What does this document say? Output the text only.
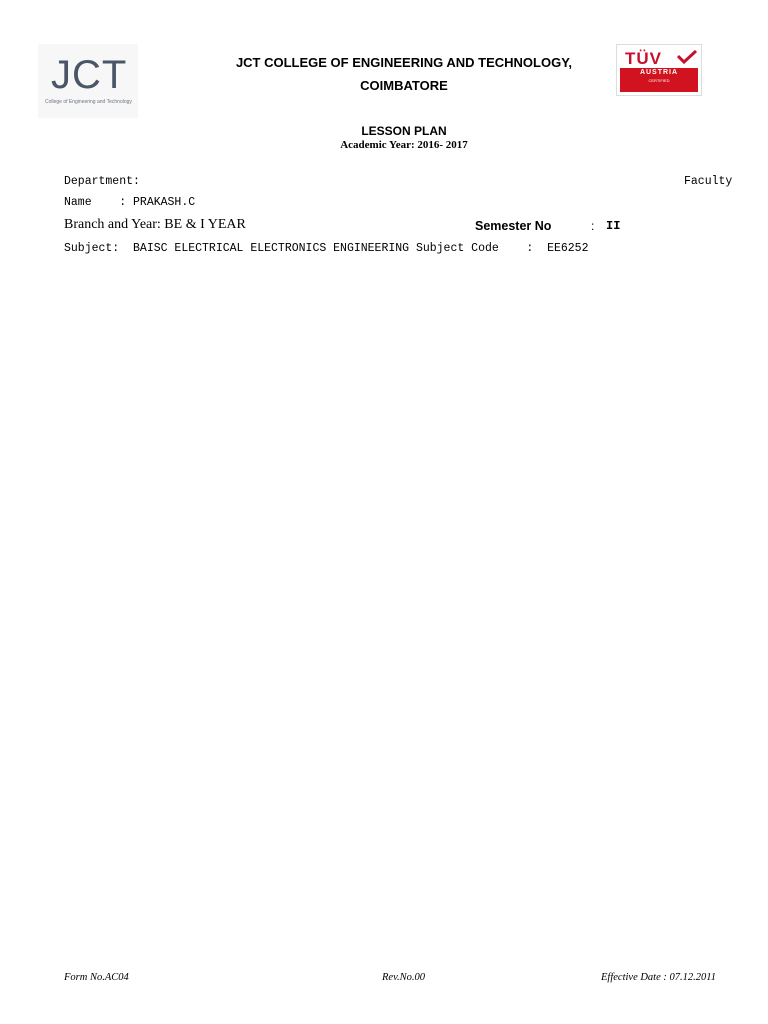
JCT
College of Engineering and Technology
JCT COLLEGE OF ENGINEERING AND TECHNOLOGY,
COIMBATORE
TÜV
AUSTRIA
CERTIFIED
LESSON PLAN
Academic Year: 2016- 2017
Department:	Faculty
Name    : PRAKASH.C
Branch and Year: BE & I YEAR	Semester No	: II
Subject:  BAISC ELECTRICAL ELECTRONICS ENGINEERING Subject Code    :  EE6252
Form No.AC04	Rev.No.00	Effective Date : 07.12.2011
